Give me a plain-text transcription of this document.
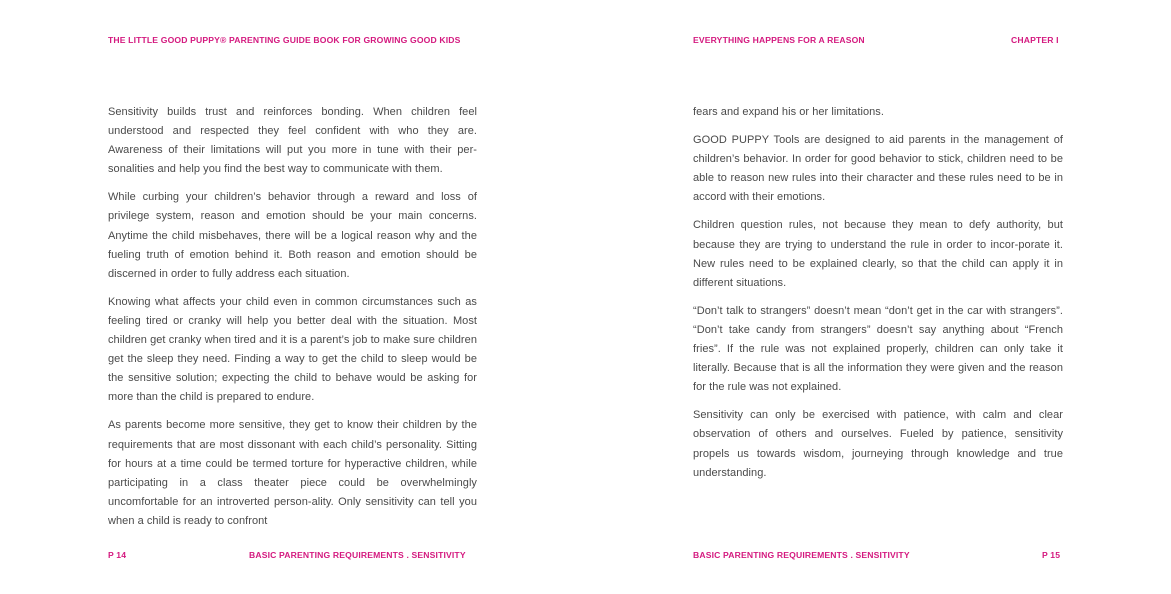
THE LITTLE GOOD PUPPY® PARENTING GUIDE BOOK FOR GROWING GOOD KIDS

Sensitivity builds trust and reinforces bonding. When children feel understood and respected they feel confident with who they are. Awareness of their limitations will put you more in tune with their per-sonalities and help you find the best way to communicate with them.

While curbing your children’s behavior through a reward and loss of privilege system, reason and emotion should be your main concerns. Anytime the child misbehaves, there will be a logical reason why and the fueling truth of emotion behind it. Both reason and emotion should be discerned in order to fully address each situation.

Knowing what affects your child even in common circumstances such as feeling tired or cranky will help you better deal with the situation. Most children get cranky when tired and it is a parent’s job to make sure children get the sleep they need. Finding a way to get the child to sleep would be the sensitive solution; expecting the child to behave would be asking for more than the child is prepared to endure.

As parents become more sensitive, they get to know their children by the requirements that are most dissonant with each child’s personality. Sitting for hours at a time could be termed torture for hyperactive children, while participating in a class theater piece could be overwhelmingly uncomfortable for an introverted person-ality. Only sensitivity can tell you when a child is ready to confront

P 14	BASIC PARENTING REQUIREMENTS . SENSITIVITY
EVERYTHING HAPPENS FOR A REASON	CHAPTER I

fears and expand his or her limitations.

GOOD PUPPY Tools are designed to aid parents in the management of children’s behavior. In order for good behavior to stick, children need to be able to reason new rules into their character and these rules need to be in accord with their emotions.

Children question rules, not because they mean to defy authority, but because they are trying to understand the rule in order to incor-porate it. New rules need to be explained clearly, so that the child can apply it in different situations.

“Don’t talk to strangers” doesn’t mean “don’t get in the car with strangers”. “Don’t take candy from strangers” doesn’t say anything about “French fries”. If the rule was not explained properly, children can only take it literally. Because that is all the information they were given and the reason for the rule was not explained.

Sensitivity can only be exercised with patience, with calm and clear observation of others and ourselves. Fueled by patience, sensitivity propels us towards wisdom, journeying through knowledge and true understanding.

BASIC PARENTING REQUIREMENTS . SENSITIVITY	P 15
